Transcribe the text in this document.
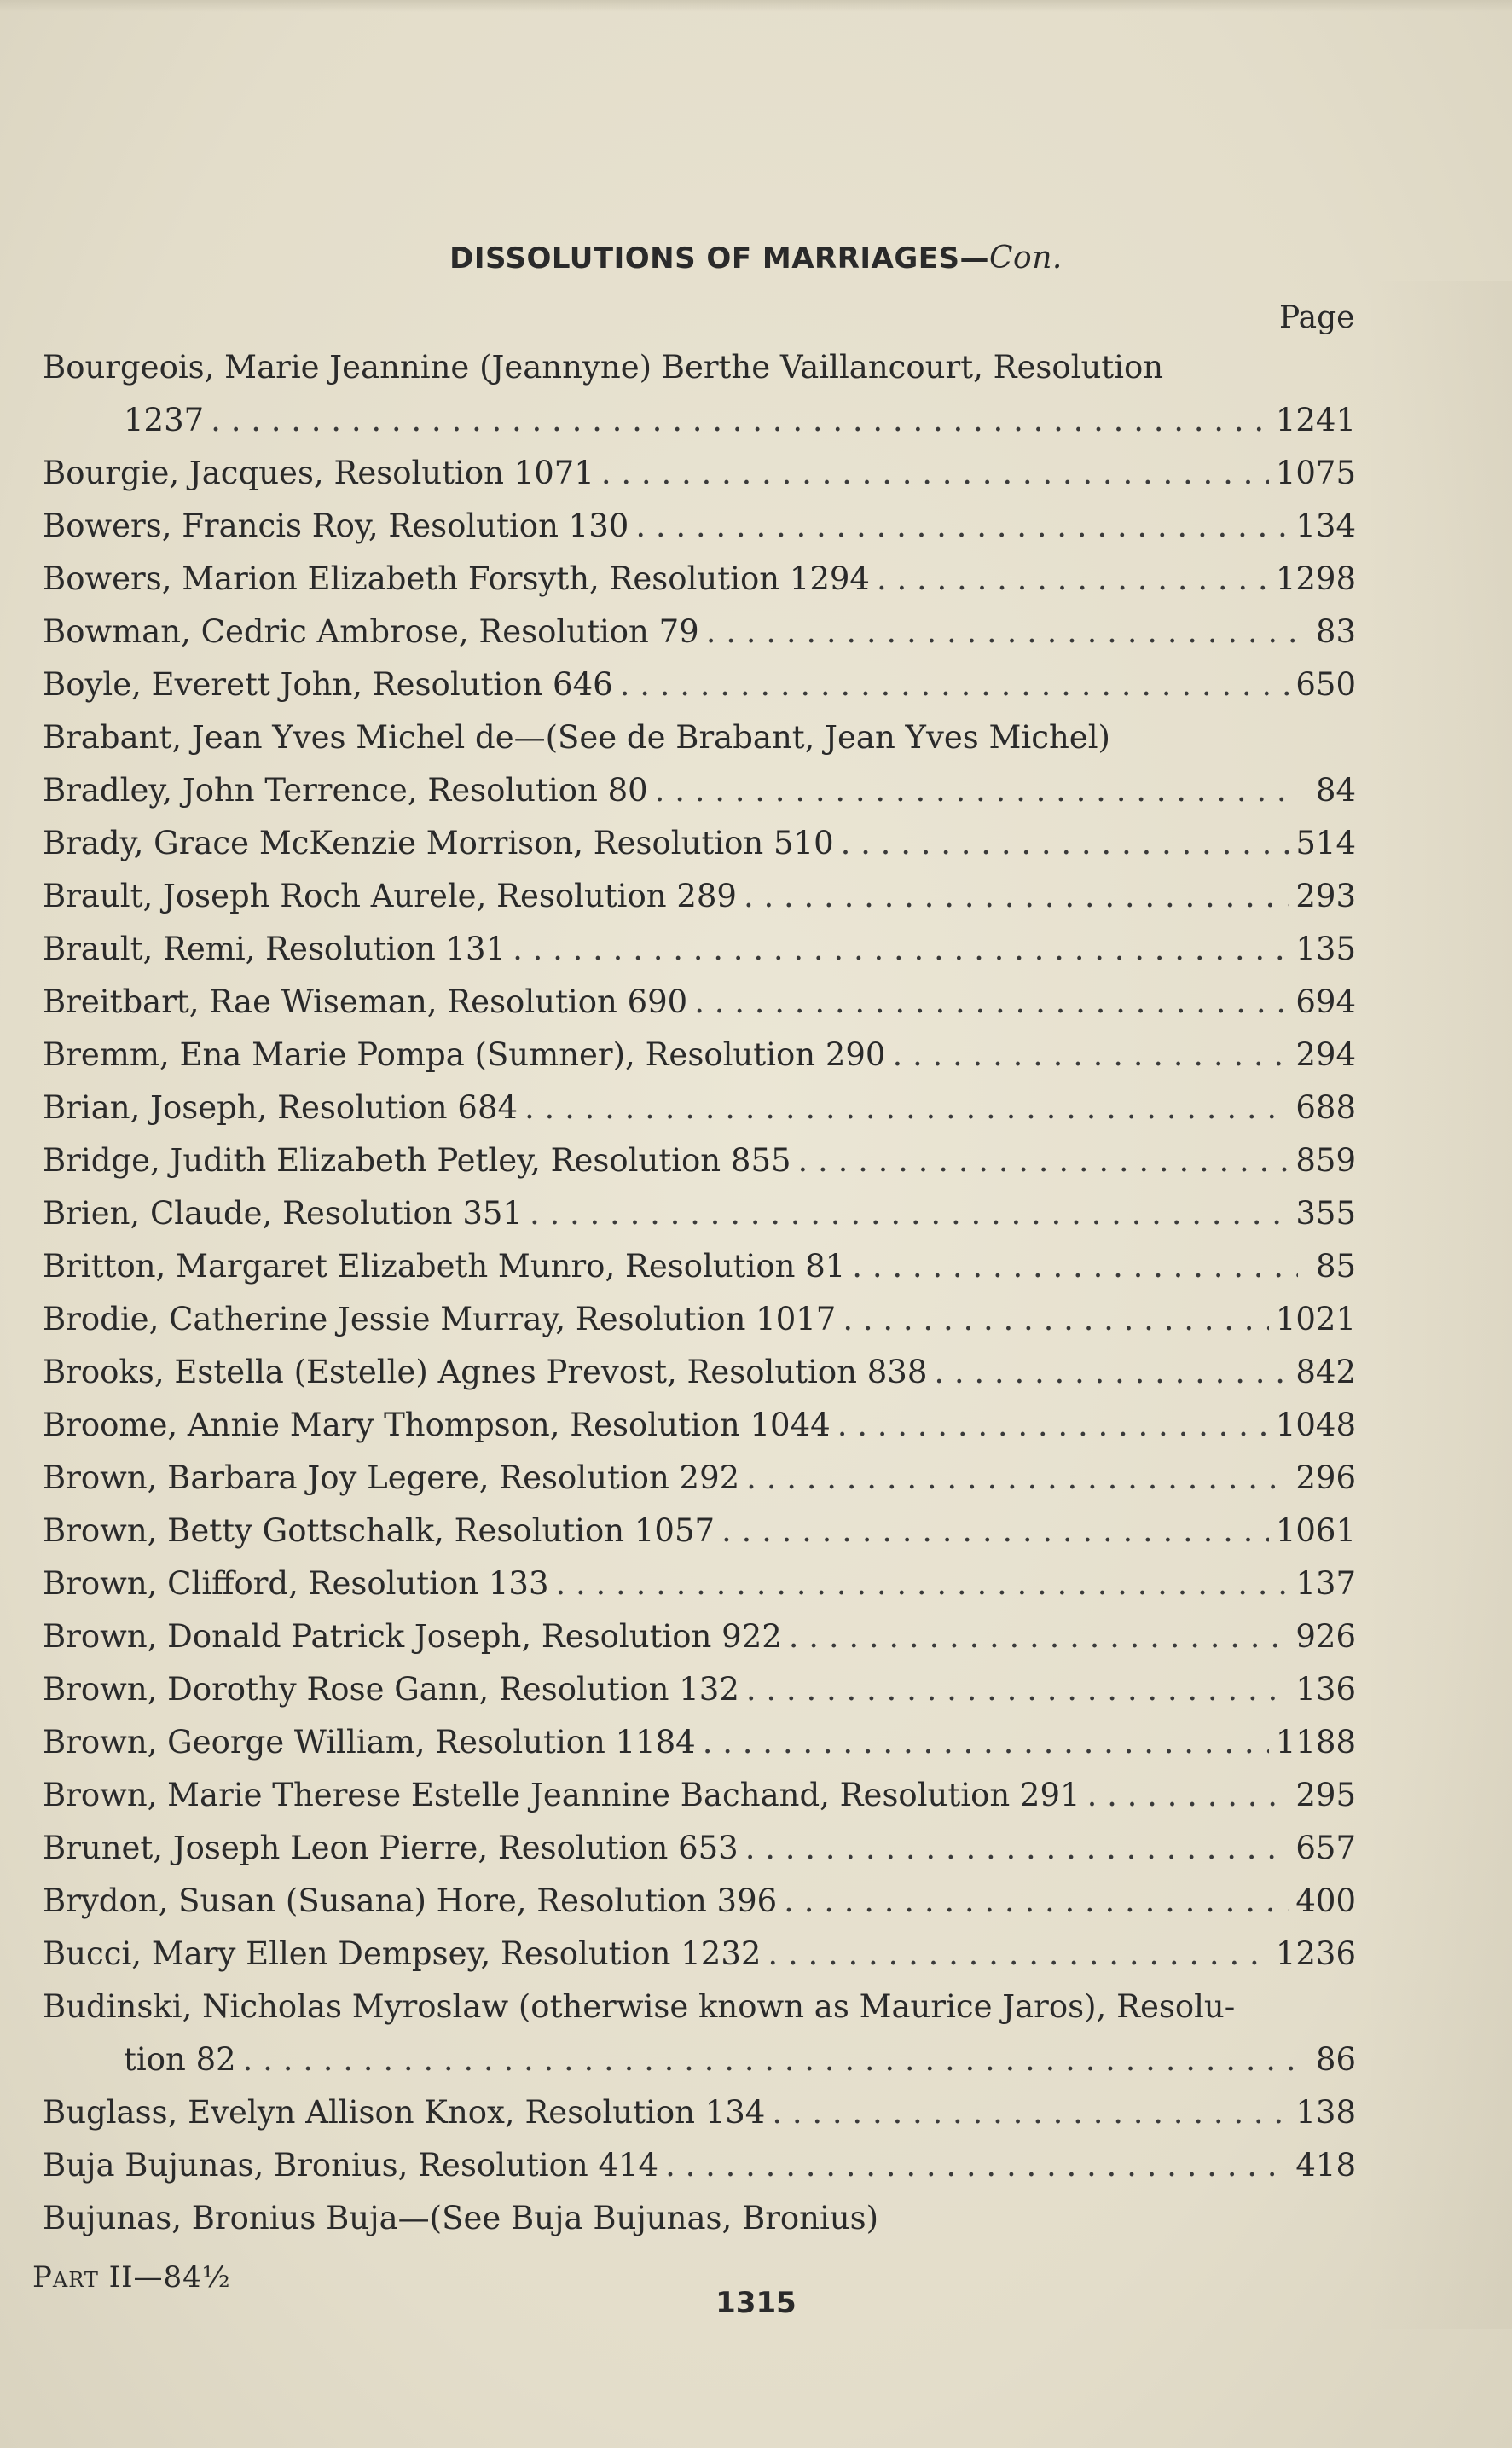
DISSOLUTIONS OF MARRIAGES—Con.
Page
Bourgeois, Marie Jeannine (Jeannyne) Berthe Vaillancourt, Resolution
1237 . . .	1241
Bourgie, Jacques, Resolution 1071 . . .	1075
Bowers, Francis Roy, Resolution 130 . . .	134
Bowers, Marion Elizabeth Forsyth, Resolution 1294 . . .	1298
Bowman, Cedric Ambrose, Resolution 79 . . .	83
Boyle, Everett John, Resolution 646 . . .	650
Brabant, Jean Yves Michel de—(See de Brabant, Jean Yves Michel)
Bradley, John Terrence, Resolution 80 . . .	84
Brady, Grace McKenzie Morrison, Resolution 510 . . .	514
Brault, Joseph Roch Aurele, Resolution 289 . . .	293
Brault, Remi, Resolution 131 . . .	135
Breitbart, Rae Wiseman, Resolution 690 . . .	694
Bremm, Ena Marie Pompa (Sumner), Resolution 290 . . .	294
Brian, Joseph, Resolution 684 . . .	688
Bridge, Judith Elizabeth Petley, Resolution 855 . . .	859
Brien, Claude, Resolution 351 . . .	355
Britton, Margaret Elizabeth Munro, Resolution 81 . . .	85
Brodie, Catherine Jessie Murray, Resolution 1017 . . .	1021
Brooks, Estella (Estelle) Agnes Prevost, Resolution 838 . . .	842
Broome, Annie Mary Thompson, Resolution 1044 . . .	1048
Brown, Barbara Joy Legere, Resolution 292 . . .	296
Brown, Betty Gottschalk, Resolution 1057 . . .	1061
Brown, Clifford, Resolution 133 . . .	137
Brown, Donald Patrick Joseph, Resolution 922 . . .	926
Brown, Dorothy Rose Gann, Resolution 132 . . .	136
Brown, George William, Resolution 1184 . . .	1188
Brown, Marie Therese Estelle Jeannine Bachand, Resolution 291 . . .	295
Brunet, Joseph Leon Pierre, Resolution 653 . . .	657
Brydon, Susan (Susana) Hore, Resolution 396 . . .	400
Bucci, Mary Ellen Dempsey, Resolution 1232 . . .	1236
Budinski, Nicholas Myroslaw (otherwise known as Maurice Jaros), Resolu-
tion 82 . . .	86
Buglass, Evelyn Allison Knox, Resolution 134 . . .	138
Buja Bujunas, Bronius, Resolution 414 . . .	418
Bujunas, Bronius Buja—(See Buja Bujunas, Bronius)
Part II—84½
1315
